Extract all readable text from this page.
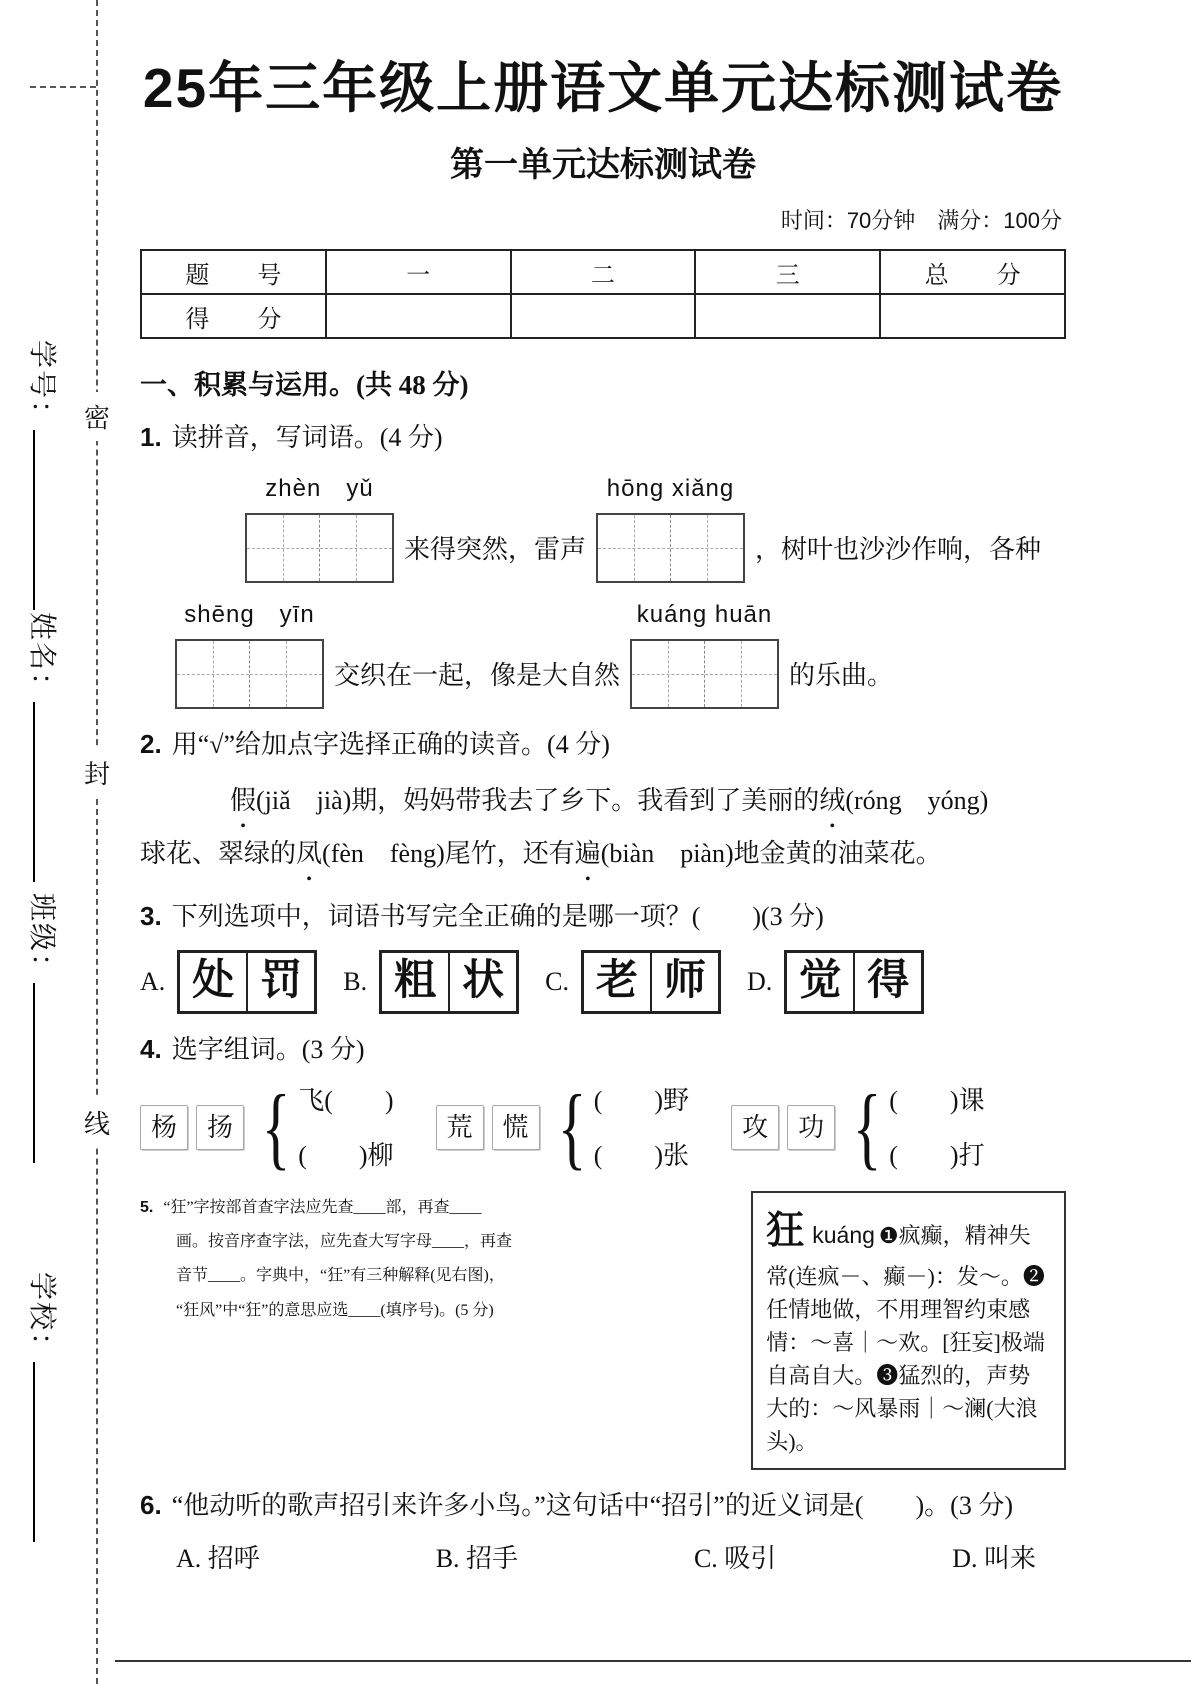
密
封
线
学号：
姓名：
班级：
学校：
25年三年级上册语文单元达标测试卷
第一单元达标测试卷
时间：70分钟　满分：100分
题　　号	一	二	三	总　　分
得　　分				
一、积累与运用。(共 48 分)
1. 读拼音，写词语。(4 分)
zhèn　yǔ
来得突然，雷声
hōng xiǎng
，树叶也沙沙作响，各种
shēng　yīn
交织在一起，像是大自然
kuáng huān
的乐曲。
2. 用“√”给加点字选择正确的读音。(4 分)
假(jiǎ　jià)期，妈妈带我去了乡下。我看到了美丽的绒(róng　yóng)
球花、翠绿的凤(fèn　fèng)尾竹，还有遍(biàn　piàn)地金黄的油菜花。
3. 下列选项中，词语书写完全正确的是哪一项？(　　)(3 分)
A. 处 罚	B. 粗 状	C. 老 师	D. 觉 得
4. 选字组词。(3 分)
杨	扬 { 飞(　　)
(　　)柳
荒	慌 { (　　)野
(　　)张
攻	功 { (　　)课
(　　)打
5. “狂”字按部首查字法应先查____部，再查____
画。按音序查字法，应先查大写字母____，再查
音节____。字典中，“狂”有三种解释(见右图)，
“狂风”中“狂”的意思应选____(填序号)。(5 分)
狂kuáng ❶疯癫，精神失常(连疯－、癫－)：发～。❷任情地做，不用理智约束感情：～喜｜～欢。[狂妄]极端自高自大。❸猛烈的，声势大的：～风暴雨｜～澜(大浪头)。
6. “他动听的歌声招引来许多小鸟。”这句话中“招引”的近义词是(　　)。(3 分)
A. 招呼	B. 招手	C. 吸引	D. 叫来
